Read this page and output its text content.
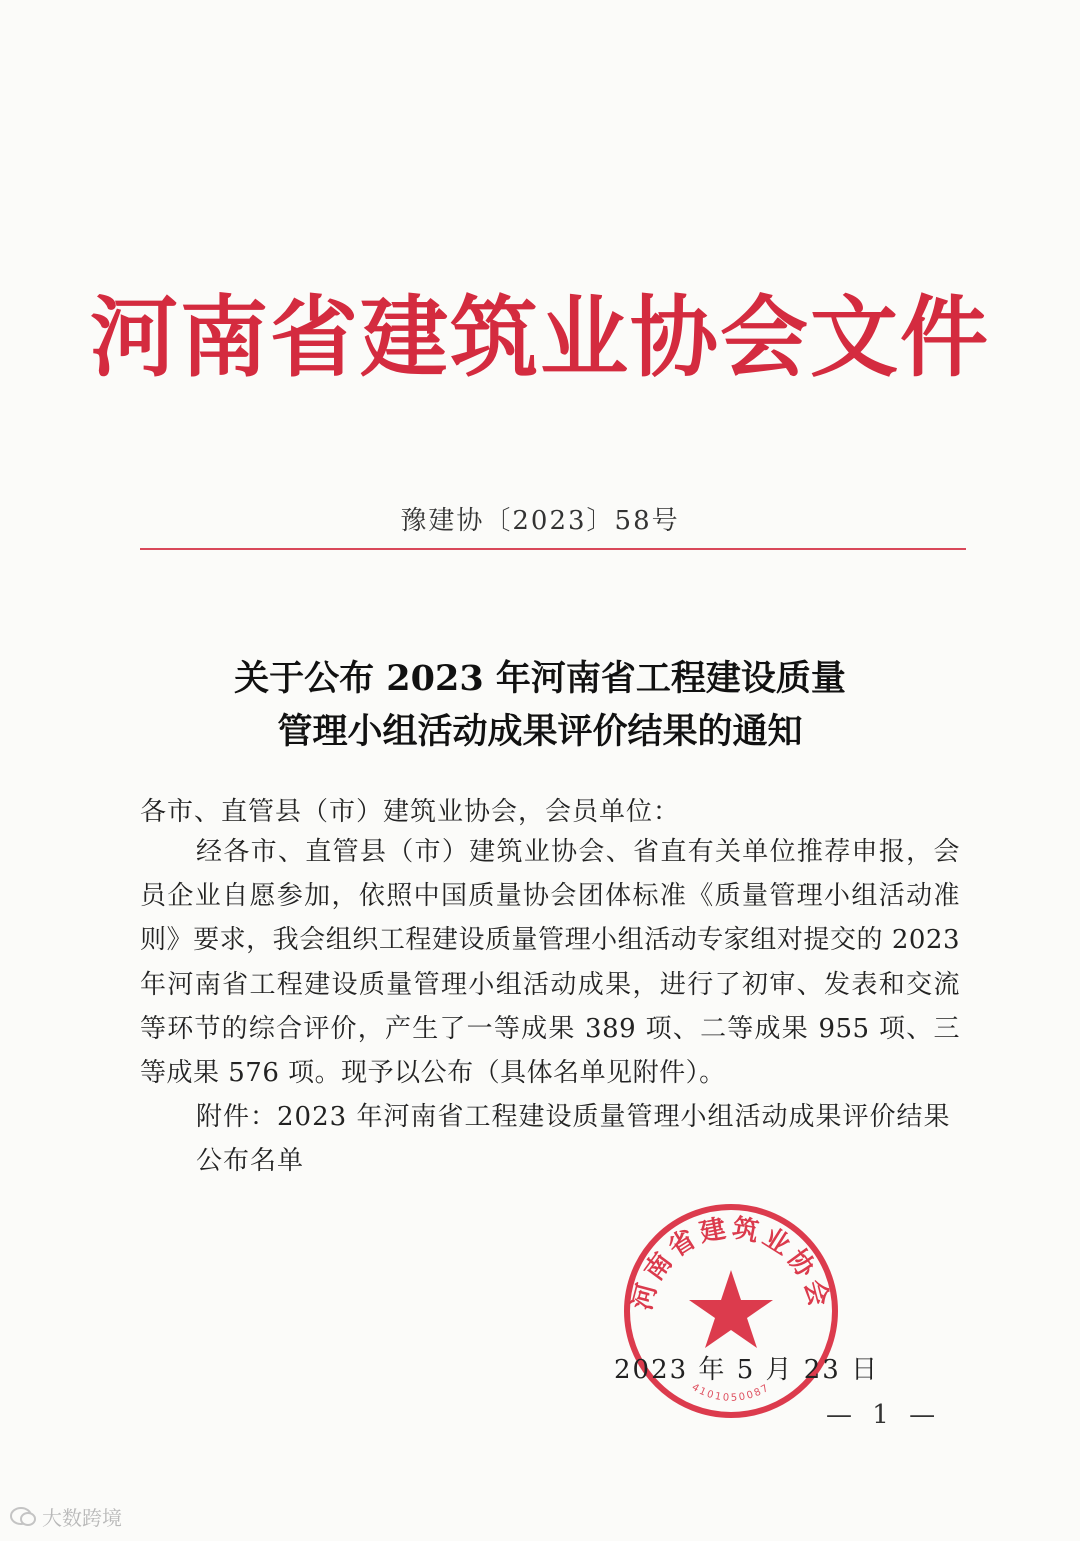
河南省建筑业协会文件
豫建协〔2023〕58号
关于公布 2023 年河南省工程建设质量
管理小组活动成果评价结果的通知
各市、直管县（市）建筑业协会，会员单位：
经各市、直管县（市）建筑业协会、省直有关单位推荐申报，会员企业自愿参加，依照中国质量协会团体标准《质量管理小组活动准则》要求，我会组织工程建设质量管理小组活动专家组对提交的 2023 年河南省工程建设质量管理小组活动成果，进行了初审、发表和交流等环节的综合评价，产生了一等成果 389 项、二等成果 955 项、三等成果 576 项。现予以公布（具体名单见附件）。
附件：2023 年河南省工程建设质量管理小组活动成果评价结果公布名单
河南省建筑业协会
4101050087
2023 年 5 月 23 日
— 1 —
大数跨境
